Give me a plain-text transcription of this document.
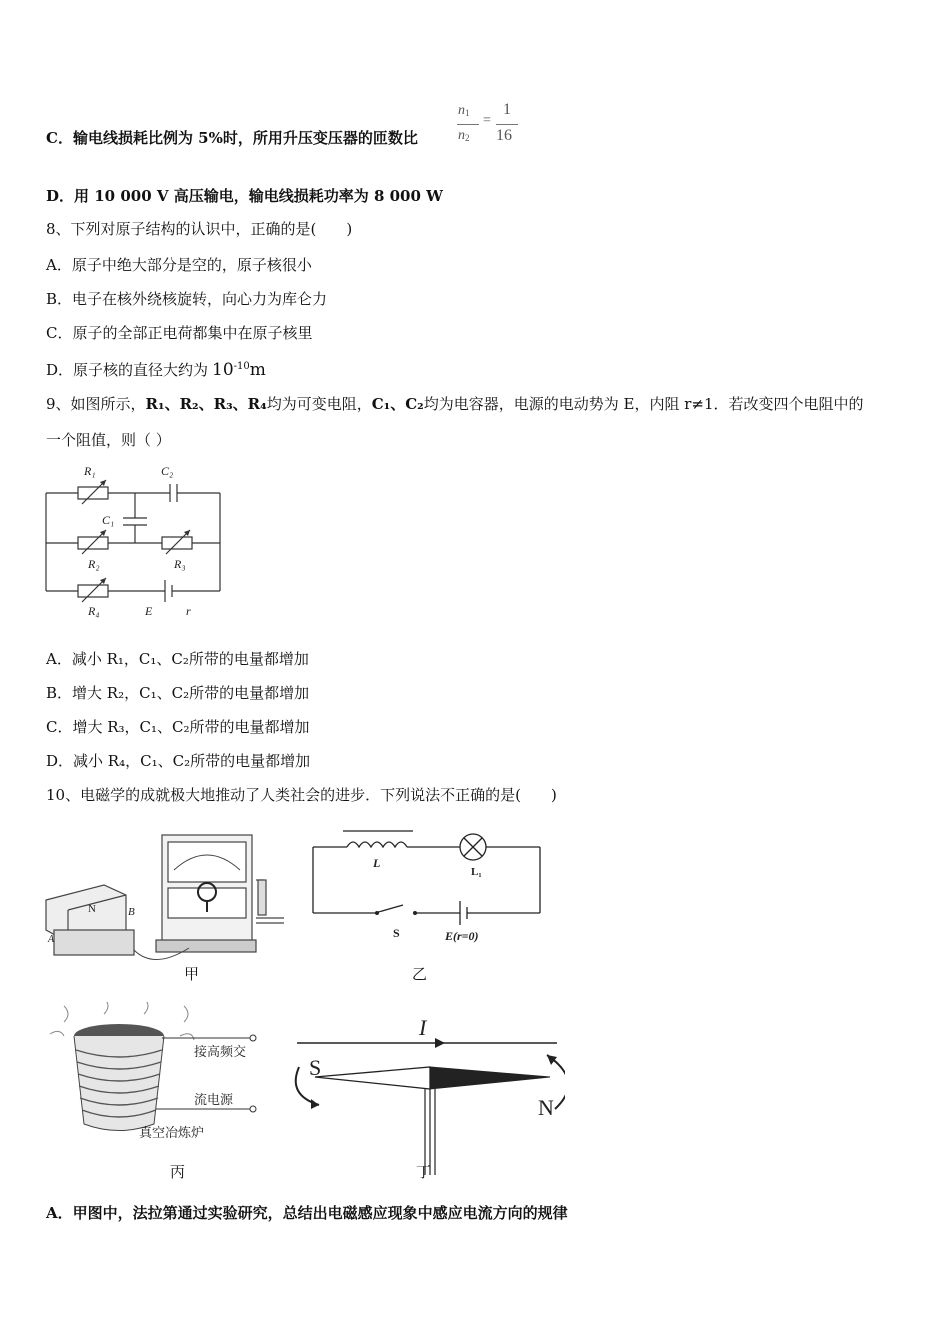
C．输电线损耗比例为 5%时，所用升压变压器的匝数比
$n_1$
$n_2$
=
1
16
D．用 10 000 V 高压输电，输电线损耗功率为 8 000 W
8、下列对原子结构的认识中，正确的是(　　)
A．原子中绝大部分是空的，原子核很小
B．电子在核外绕核旋转，向心力为库仑力
C．原子的全部正电荷都集中在原子核里
D．原子核的直径大约为 $10^{-10}m$
9、如图所示，R₁、R₂、R₃、R₄均为可变电阻，C₁、C₂均为电容器，电源的电动势为 E，内阻 r≠1．若改变四个电阻中的
一个阻值，则（ ）
R₁	C₂
C₁
R₂	R₃
R₄	E	r
A．减小 R₁，C₁、C₂所带的电量都增加
B．增大 R₂，C₁、C₂所带的电量都增加
C．增大 R₃，C₁、C₂所带的电量都增加
D．减小 R₄，C₁、C₂所带的电量都增加
10、电磁学的成就极大地推动了人类社会的进步．下列说法不正确的是(　　)
N	B
A
甲
L
L₁
S	E(r=0)
乙
接高频交
流电源
真空冶炼炉
丙
I
S
N
丁
A．甲图中，法拉第通过实验研究，总结出电磁感应现象中感应电流方向的规律
